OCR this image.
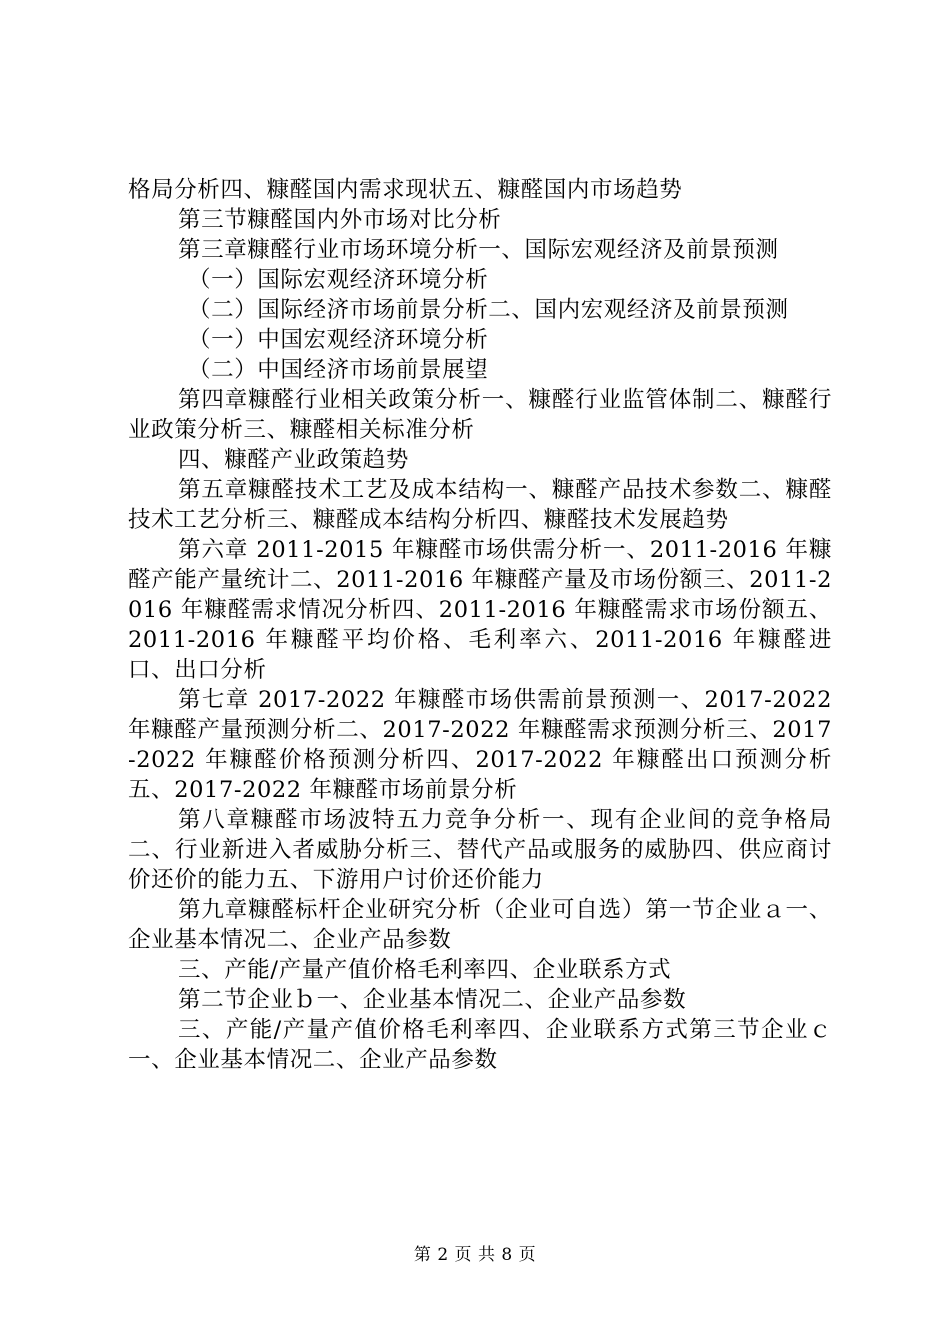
格局分析四、糠醛国内需求现状五、糠醛国内市场趋势

第三节糠醛国内外市场对比分析

第三章糠醛行业市场环境分析一、国际宏观经济及前景预测

（一）国际宏观经济环境分析

（二）国际经济市场前景分析二、国内宏观经济及前景预测

（一）中国宏观经济环境分析

（二）中国经济市场前景展望

第四章糠醛行业相关政策分析一、糠醛行业监管体制二、糠醛行业政策分析三、糠醛相关标准分析

四、糠醛产业政策趋势

第五章糠醛技术工艺及成本结构一、糠醛产品技术参数二、糠醛技术工艺分析三、糠醛成本结构分析四、糠醛技术发展趋势

第六章 2011-2015 年糠醛市场供需分析一、2011-2016 年糠醛产能产量统计二、2011-2016 年糠醛产量及市场份额三、2011-2016 年糠醛需求情况分析四、2011-2016 年糠醛需求市场份额五、2011-2016 年糠醛平均价格、毛利率六、2011-2016 年糠醛进口、出口分析

第七章 2017-2022 年糠醛市场供需前景预测一、2017-2022 年糠醛产量预测分析二、2017-2022 年糠醛需求预测分析三、2017-2022 年糠醛价格预测分析四、2017-2022 年糠醛出口预测分析五、2017-2022 年糠醛市场前景分析

第八章糠醛市场波特五力竞争分析一、现有企业间的竞争格局二、行业新进入者威胁分析三、替代产品或服务的威胁四、供应商讨价还价的能力五、下游用户讨价还价能力

第九章糠醛标杆企业研究分析（企业可自选）第一节企业ａ一、企业基本情况二、企业产品参数

三、产能/产量产值价格毛利率四、企业联系方式

第二节企业ｂ一、企业基本情况二、企业产品参数

三、产能/产量产值价格毛利率四、企业联系方式第三节企业ｃ一、企业基本情况二、企业产品参数

第 2 页 共 8 页
